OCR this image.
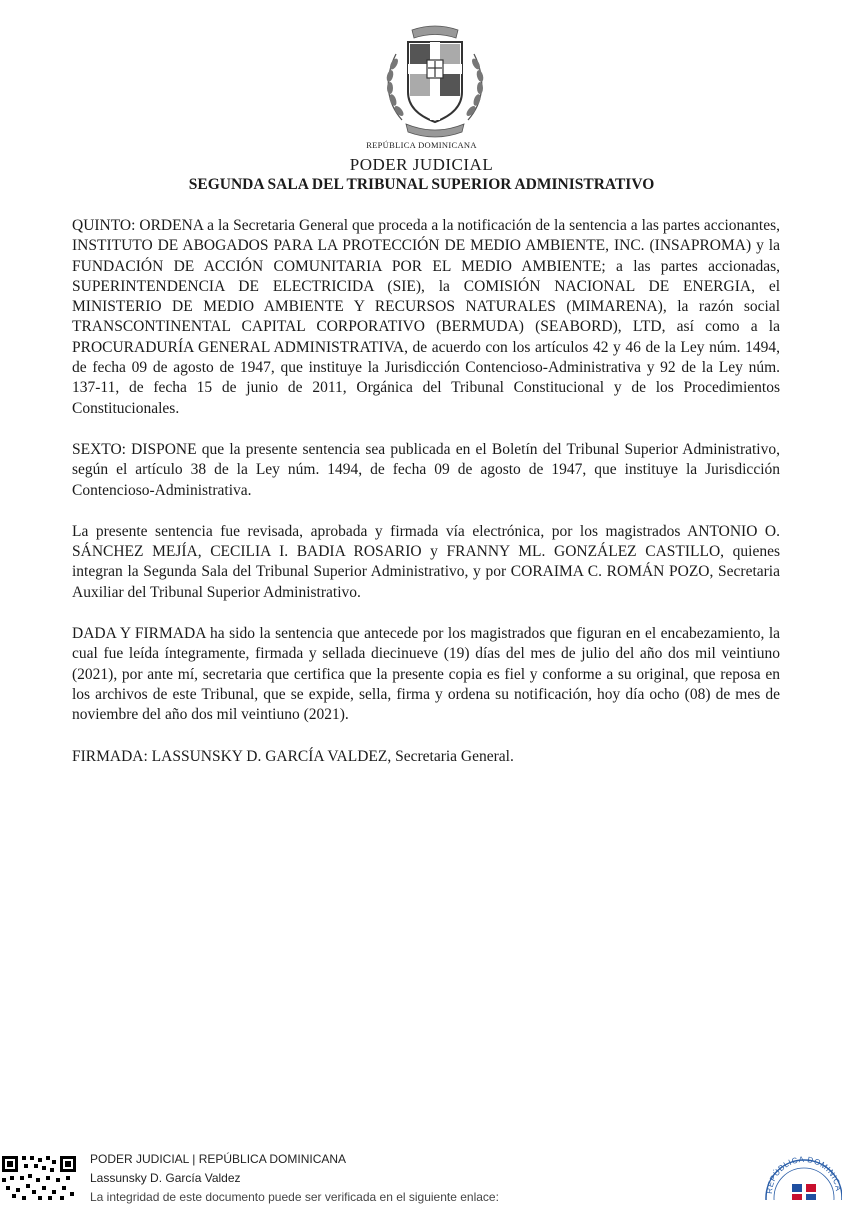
REPÚBLICA DOMINICANA
PODER JUDICIAL
SEGUNDA SALA DEL TRIBUNAL SUPERIOR ADMINISTRATIVO

QUINTO: ORDENA a la Secretaria General que proceda a la notificación de la sentencia a las partes accionantes, INSTITUTO DE ABOGADOS PARA LA PROTECCIÓN DE MEDIO AMBIENTE, INC. (INSAPROMA) y la FUNDACIÓN DE ACCIÓN COMUNITARIA POR EL MEDIO AMBIENTE; a las partes accionadas, SUPERINTENDENCIA DE ELECTRICIDA (SIE), la COMISIÓN NACIONAL DE ENERGIA, el MINISTERIO DE MEDIO AMBIENTE Y RECURSOS NATURALES (MIMARENA), la razón social TRANSCONTINENTAL CAPITAL CORPORATIVO (BERMUDA) (SEABORD), LTD, así como a la PROCURADURÍA GENERAL ADMINISTRATIVA, de acuerdo con los artículos 42 y 46 de la Ley núm. 1494, de fecha 09 de agosto de 1947, que instituye la Jurisdicción Contencioso-Administrativa y 92 de la Ley núm. 137-11, de fecha 15 de junio de 2011, Orgánica del Tribunal Constitucional y de los Procedimientos Constitucionales.

SEXTO: DISPONE que la presente sentencia sea publicada en el Boletín del Tribunal Superior Administrativo, según el artículo 38 de la Ley núm. 1494, de fecha 09 de agosto de 1947, que instituye la Jurisdicción Contencioso-Administrativa.

La presente sentencia fue revisada, aprobada y firmada vía electrónica, por los magistrados ANTONIO O. SÁNCHEZ MEJÍA, CECILIA I. BADIA ROSARIO y FRANNY ML. GONZÁLEZ CASTILLO, quienes integran la Segunda Sala del Tribunal Superior Administrativo, y por CORAIMA C. ROMÁN POZO, Secretaria Auxiliar del Tribunal Superior Administrativo.

DADA Y FIRMADA ha sido la sentencia que antecede por los magistrados que figuran en el encabezamiento, la cual fue leída íntegramente, firmada y sellada diecinueve (19) días del mes de julio del año dos mil veintiuno (2021), por ante mí, secretaria que certifica que la presente copia es fiel y conforme a su original, que reposa en los archivos de este Tribunal, que se expide, sella, firma y ordena su notificación, hoy día ocho (08) de mes de noviembre del año dos mil veintiuno (2021).

FIRMADA: LASSUNSKY D. GARCÍA VALDEZ, Secretaria General.

PODER JUDICIAL | REPÚBLICA DOMINICANA
Lassunsky D. García Valdez
La integridad de este documento puede ser verificada en el siguiente enlace:	REPÚBLICA DOMINICA
